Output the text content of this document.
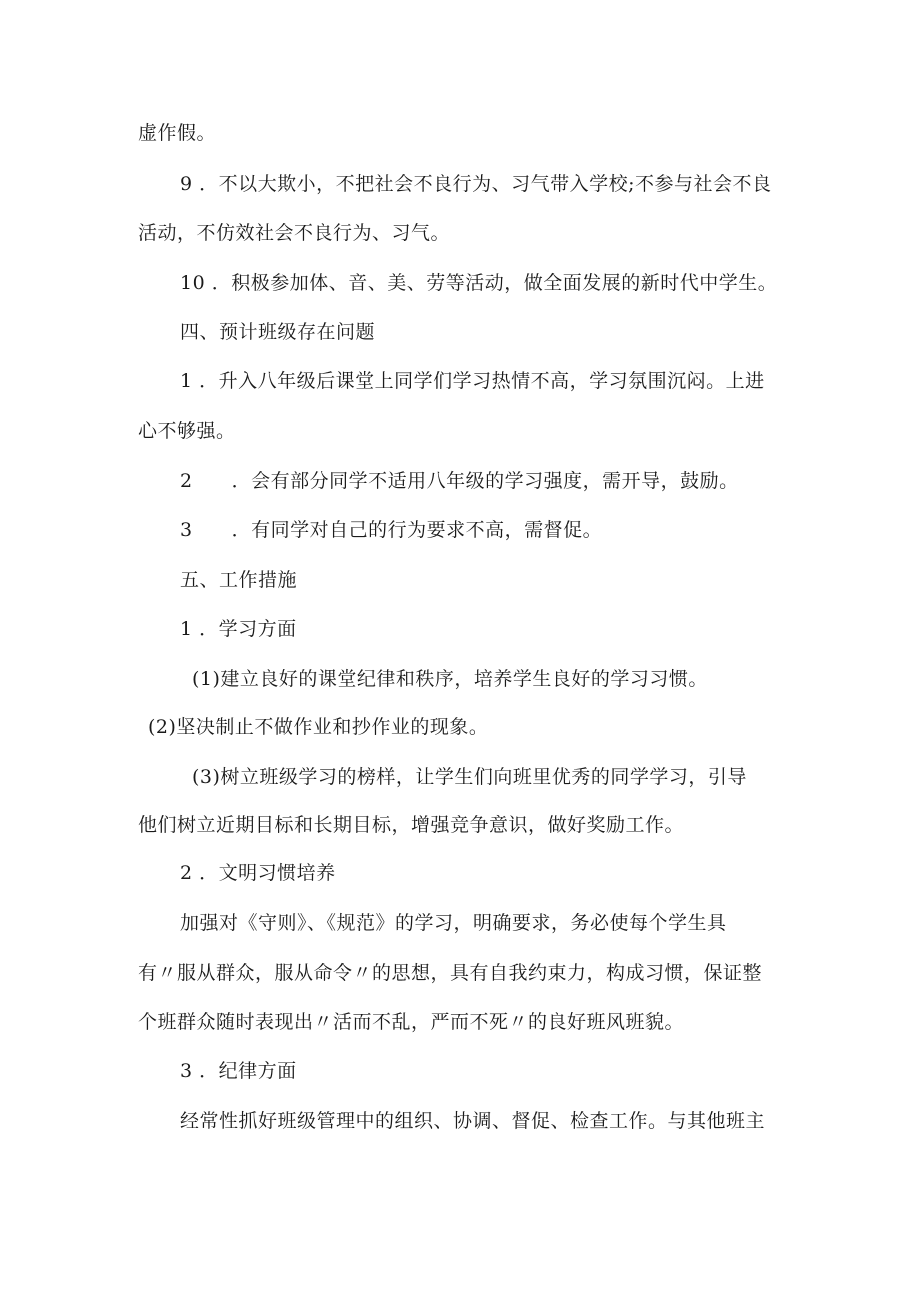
虚作假。
9 ．不以大欺小，不把社会不良行为、习气带入学校;不参与社会不良
活动，不仿效社会不良行为、习气。
10 ．积极参加体、音、美、劳等活动，做全面发展的新时代中学生。
四、预计班级存在问题
1 ．升入八年级后课堂上同学们学习热情不高，学习氛围沉闷。上进
心不够强。
2　　．会有部分同学不适用八年级的学习强度，需开导，鼓励。
3　　．有同学对自己的行为要求不高，需督促。
五、工作措施
1 ．学习方面
(1)建立良好的课堂纪律和秩序，培养学生良好的学习习惯。
(2)坚决制止不做作业和抄作业的现象。
(3)树立班级学习的榜样，让学生们向班里优秀的同学学习，引导
他们树立近期目标和长期目标，增强竞争意识，做好奖励工作。
2 ．文明习惯培养
加强对《守则》、《规范》的学习，明确要求，务必使每个学生具
有〃服从群众，服从命令〃的思想，具有自我约束力，构成习惯，保证整
个班群众随时表现出〃活而不乱，严而不死〃的良好班风班貌。
3 ．纪律方面
经常性抓好班级管理中的组织、协调、督促、检查工作。与其他班主
